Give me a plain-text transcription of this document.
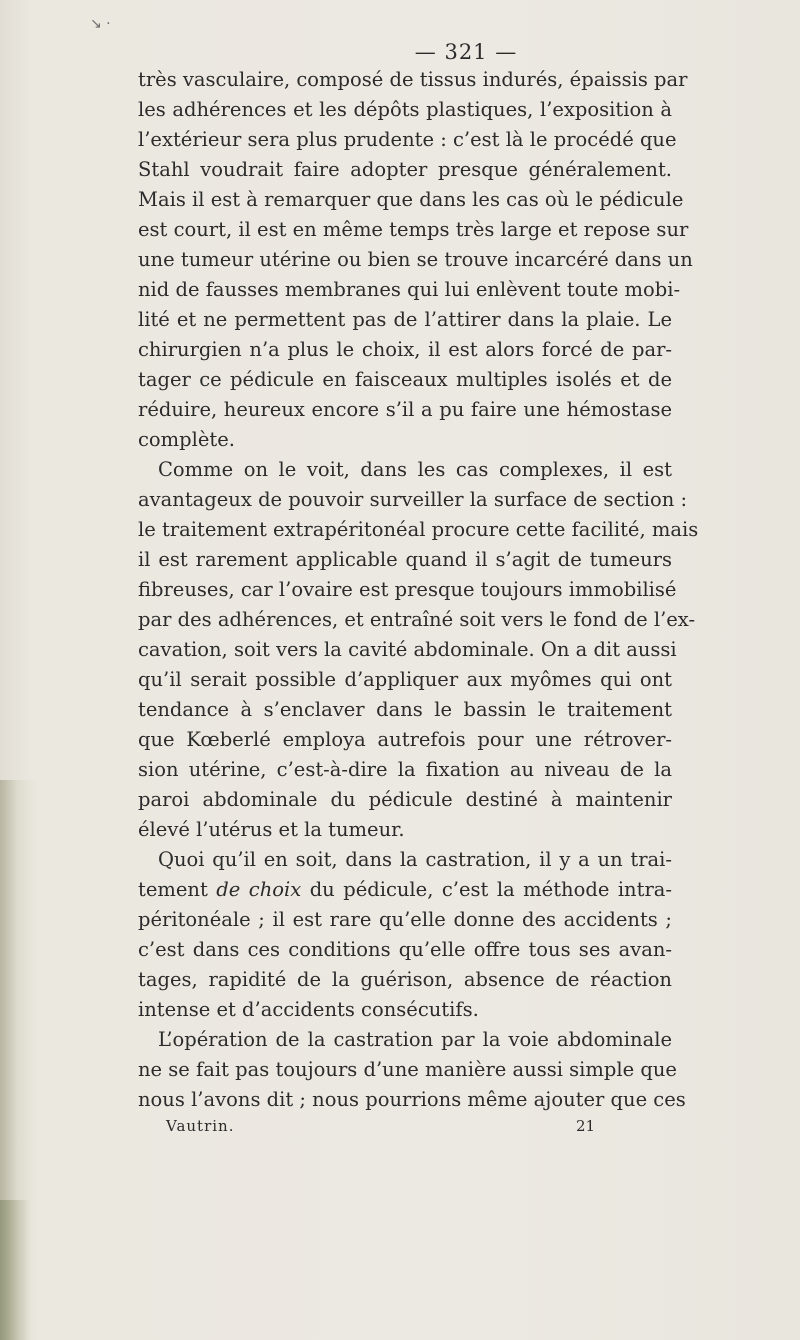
↘ ·
— 321 —
très vasculaire, composé de tissus indurés, épaissis par
les adhérences et les dépôts plastiques, l’exposition à
l’extérieur sera plus prudente : c’est là le procédé que
Stahl voudrait faire adopter presque généralement.
Mais il est à remarquer que dans les cas où le pédicule
est court, il est en même temps très large et repose sur
une tumeur utérine ou bien se trouve incarcéré dans un
nid de fausses membranes qui lui enlèvent toute mobi-
lité et ne permettent pas de l’attirer dans la plaie. Le
chirurgien n’a plus le choix, il est alors forcé de par-
tager ce pédicule en faisceaux multiples isolés et de
réduire, heureux encore s’il a pu faire une hémostase
complète.
Comme on le voit, dans les cas complexes, il est
avantageux de pouvoir surveiller la surface de section :
le traitement extrapéritonéal procure cette facilité, mais
il est rarement applicable quand il s’agit de tumeurs
fibreuses, car l’ovaire est presque toujours immobilisé
par des adhérences, et entraîné soit vers le fond de l’ex-
cavation, soit vers la cavité abdominale. On a dit aussi
qu’il serait possible d’appliquer aux myômes qui ont
tendance à s’enclaver dans le bassin le traitement
que Kœberlé employa autrefois pour une rétrover-
sion utérine, c’est-à-dire la fixation au niveau de la
paroi abdominale du pédicule destiné à maintenir
élevé l’utérus et la tumeur.
Quoi qu’il en soit, dans la castration, il y a un trai-
tement de choix du pédicule, c’est la méthode intra-
péritonéale ; il est rare qu’elle donne des accidents ;
c’est dans ces conditions qu’elle offre tous ses avan-
tages, rapidité de la guérison, absence de réaction
intense et d’accidents consécutifs.
L’opération de la castration par la voie abdominale
ne se fait pas toujours d’une manière aussi simple que
nous l’avons dit ; nous pourrions même ajouter que ces
Vautrin.	21
